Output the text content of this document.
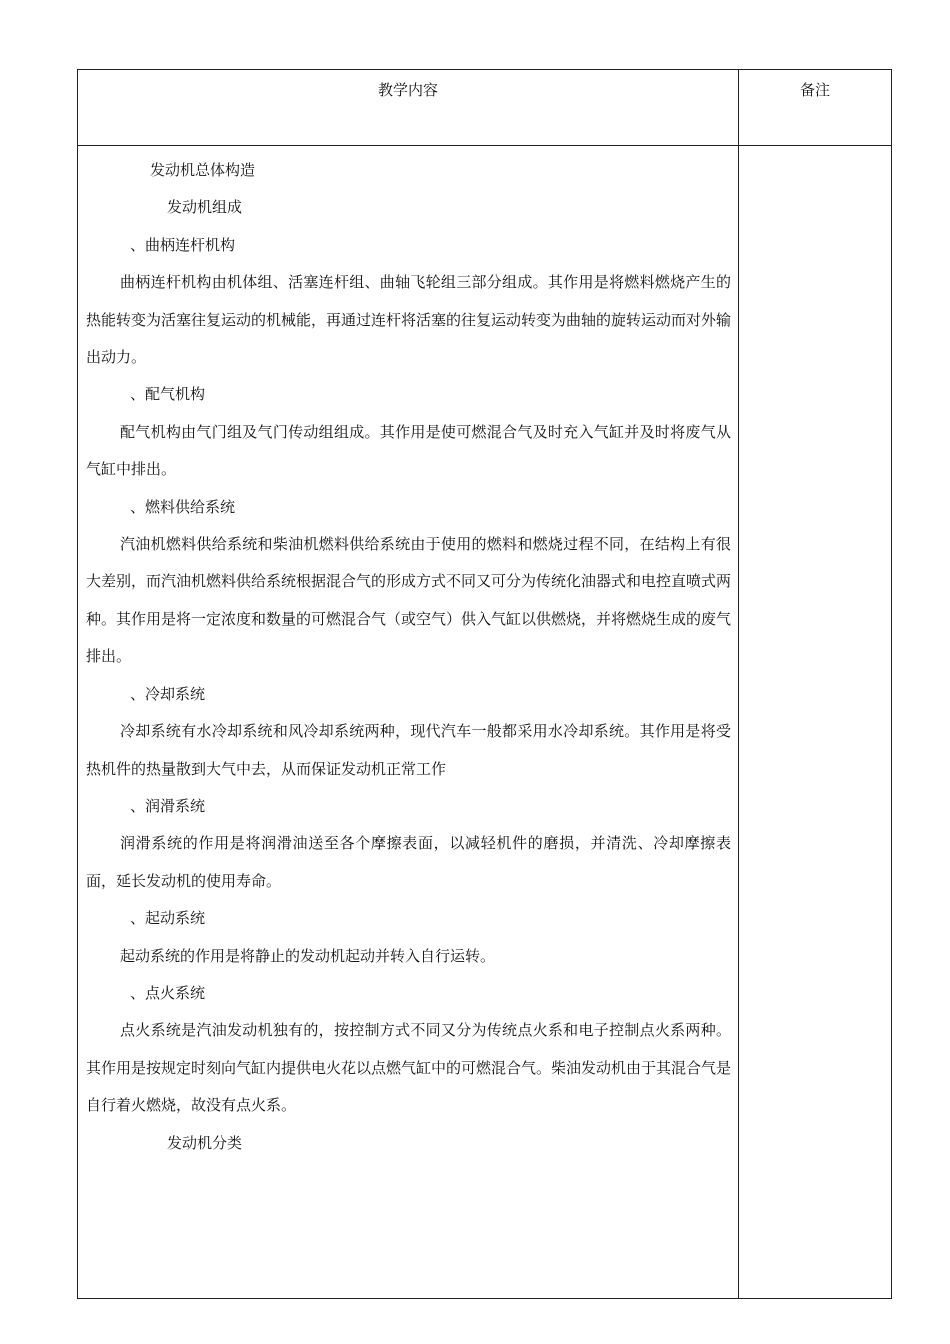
教学内容	备注

发动机总体构造

发动机组成

、曲柄连杆机构

曲柄连杆机构由机体组、活塞连杆组、曲轴飞轮组三部分组成。其作用是将燃料燃烧产生的热能转变为活塞往复运动的机械能，再通过连杆将活塞的往复运动转变为曲轴的旋转运动而对外输出动力。

、配气机构

配气机构由气门组及气门传动组组成。其作用是使可燃混合气及时充入气缸并及时将废气从气缸中排出。

、燃料供给系统

汽油机燃料供给系统和柴油机燃料供给系统由于使用的燃料和燃烧过程不同，在结构上有很大差别，而汽油机燃料供给系统根据混合气的形成方式不同又可分为传统化油器式和电控直喷式两种。其作用是将一定浓度和数量的可燃混合气（或空气）供入气缸以供燃烧，并将燃烧生成的废气排出。

、冷却系统

冷却系统有水冷却系统和风冷却系统两种，现代汽车一般都采用水冷却系统。其作用是将受热机件的热量散到大气中去，从而保证发动机正常工作

、润滑系统

润滑系统的作用是将润滑油送至各个摩擦表面，以减轻机件的磨损，并清洗、冷却摩擦表面，延长发动机的使用寿命。

、起动系统

起动系统的作用是将静止的发动机起动并转入自行运转。

、点火系统

点火系统是汽油发动机独有的，按控制方式不同又分为传统点火系和电子控制点火系两种。其作用是按规定时刻向气缸内提供电火花以点燃气缸中的可燃混合气。柴油发动机由于其混合气是自行着火燃烧，故没有点火系。

发动机分类
